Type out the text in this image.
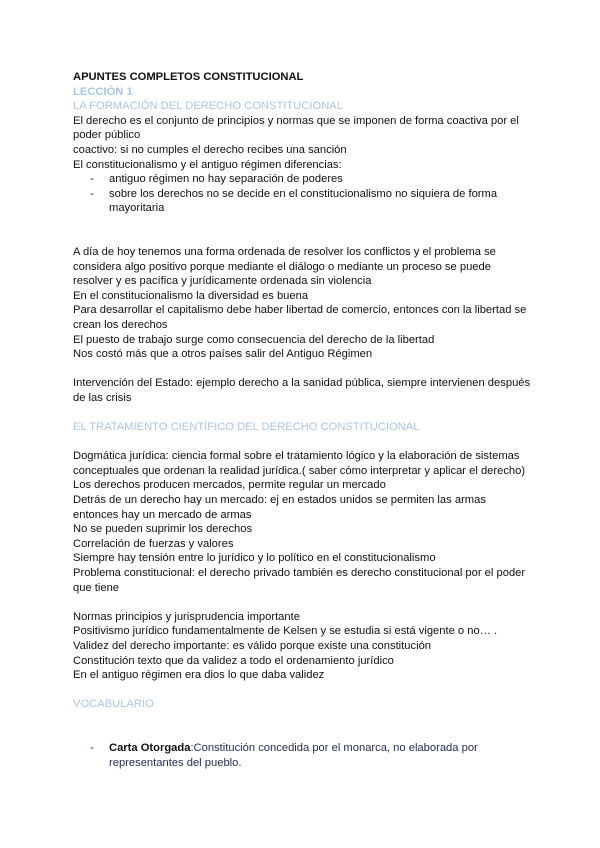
APUNTES COMPLETOS CONSTITUCIONAL

LECCIÓN 1

LA FORMACIÓN DEL DERECHO CONSTITUCIONAL

El derecho es el conjunto de principios y normas que se imponen de forma coactiva por el poder público

coactivo: si no cumples el derecho recibes una sanción

El constitucionalismo y el antiguo régimen diferencias:

- antiguo régimen no hay separación de poderes
- sobre los derechos no se decide en el constitucionalismo no siquiera de forma mayoritaria

A día de hoy tenemos una forma ordenada de resolver los conflictos y el problema se considera algo positivo porque mediante el diálogo o mediante un proceso se puede resolver y es pacífica y jurídicamente ordenada sin violencia

En el constitucionalismo la diversidad es buena

Para desarrollar el capitalismo debe haber libertad de comercio, entonces con la libertad se crean los derechos

El puesto de trabajo surge como consecuencia del derecho de la libertad

Nos costó más que a otros países salir del Antiguo Régimen

Intervención del Estado: ejemplo derecho a la sanidad pública, siempre intervienen después de las crisis

EL TRATAMIENTO CIENTÍFICO DEL DERECHO CONSTITUCIONAL

Dogmática jurídica: ciencia formal sobre el tratamiento lógico y la elaboración de sistemas conceptuales que ordenan la realidad jurídica.( saber cómo interpretar y aplicar el derecho)

Los derechos producen mercados, permite regular un mercado

Detrás de un derecho hay un mercado: ej en estados unidos se permiten las armas entonces hay un mercado de armas

No se pueden suprimir los derechos

Correlación de fuerzas y valores

Siempre hay tensión entre lo jurídico y lo político en el constitucionalismo

Problema constitucional: el derecho privado también es derecho constitucional por el poder que tiene

Normas principios y jurisprudencia importante

Positivismo jurídico fundamentalmente de Kelsen y se estudia si está vigente o no… .

Validez del derecho importante: es válido porque existe una constitución

Constitución texto que da validez a todo el ordenamiento jurídico

En el antiguo régimen era dios lo que daba validez

VOCABULARIO

- Carta Otorgada:Constitución concedida por el monarca, no elaborada por representantes del pueblo.
